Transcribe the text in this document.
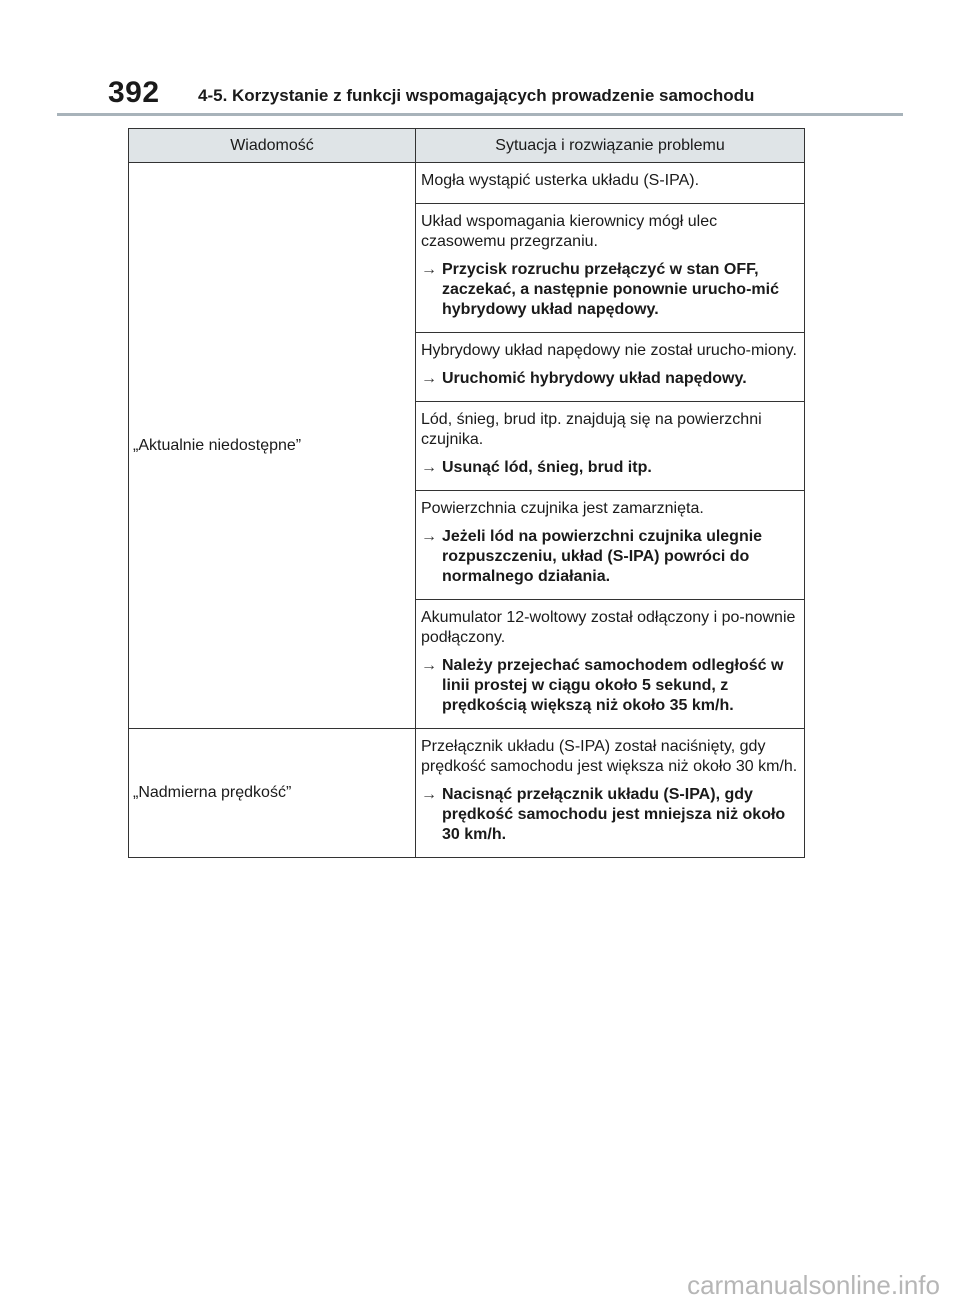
392 4-5. Korzystanie z funkcji wspomagających prowadzenie samochodu
Wiadomość	Sytuacja i rozwiązanie problemu
„Aktualnie niedostępne”	Mogła wystąpić usterka układu (S-IPA).

	Układ wspomagania kierownicy mógł ulec czasowemu przegrzaniu.

→ Przycisk rozruchu przełączyć w stan OFF, zaczekać, a następnie ponownie urucho-mić hybrydowy układ napędowy.

	Hybrydowy układ napędowy nie został urucho-miony.

→ Uruchomić hybrydowy układ napędowy.

	Lód, śnieg, brud itp. znajdują się na powierzchni czujnika.

→ Usunąć lód, śnieg, brud itp.

	Powierzchnia czujnika jest zamarznięta.

→ Jeżeli lód na powierzchni czujnika ulegnie rozpuszczeniu, układ (S-IPA) powróci do normalnego działania.

	Akumulator 12-woltowy został odłączony i po-nownie podłączony.

→ Należy przejechać samochodem odległość w linii prostej w ciągu około 5 sekund, z prędkością większą niż około 35 km/h.

„Nadmierna prędkość”	Przełącznik układu (S-IPA) został naciśnięty, gdy prędkość samochodu jest większa niż około 30 km/h.

→ Nacisnąć przełącznik układu (S-IPA), gdy prędkość samochodu jest mniejsza niż około 30 km/h.

carmanualsonline.info
